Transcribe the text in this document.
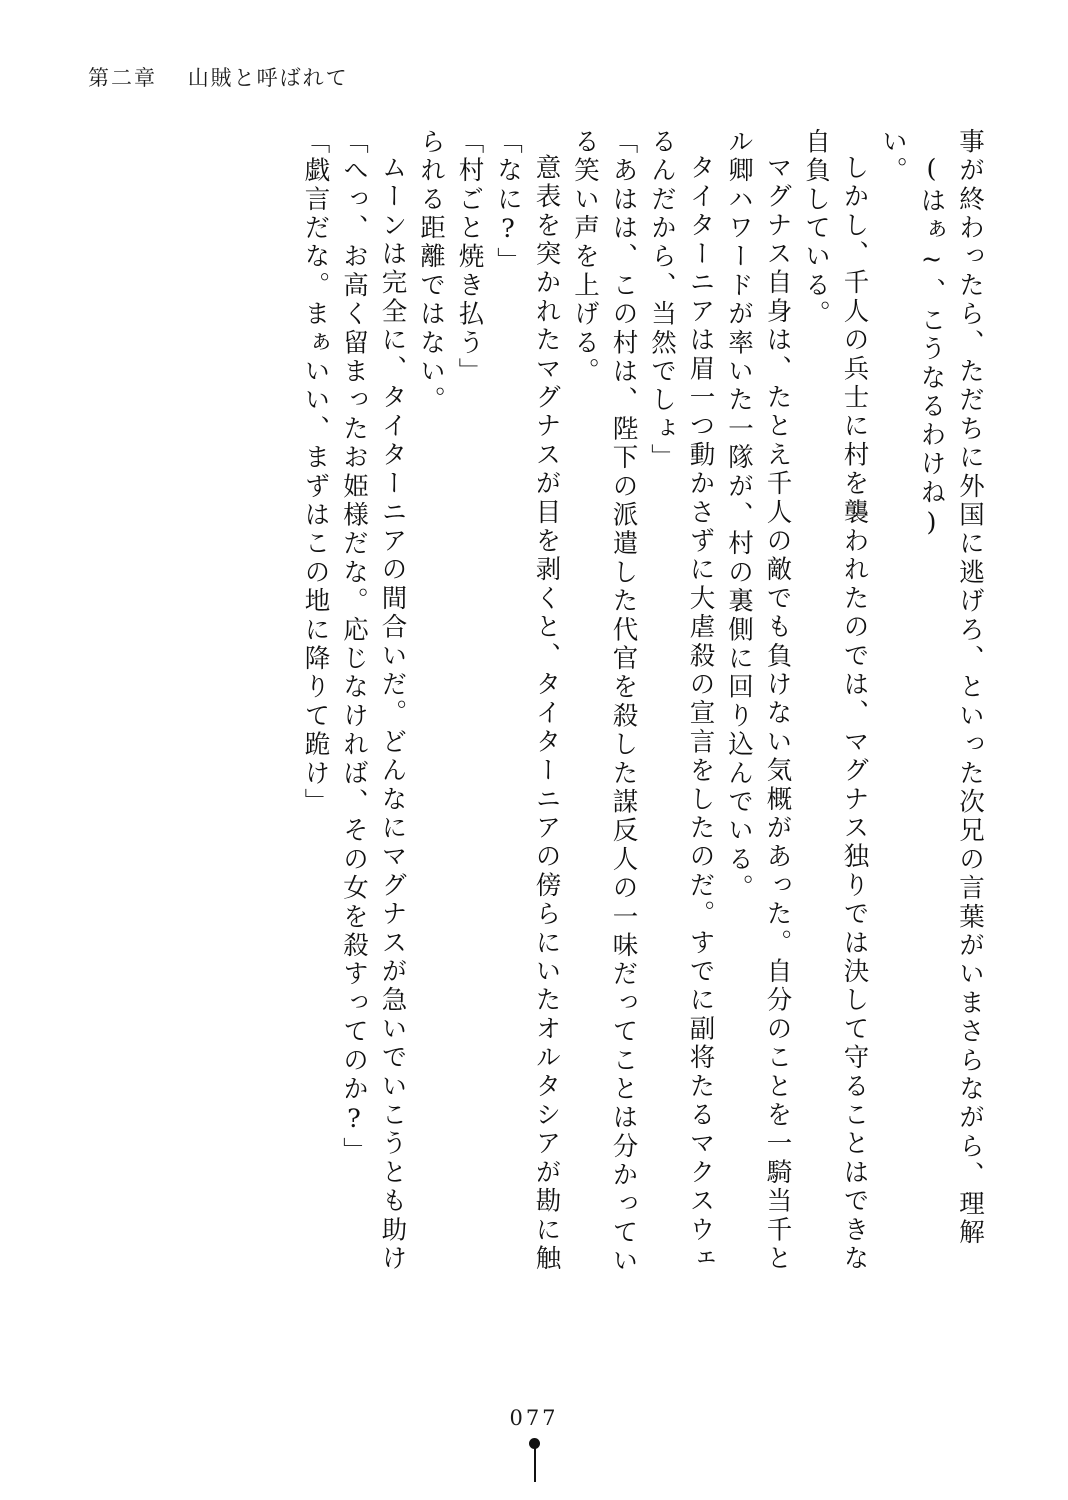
第二章 山賊と呼ばれて
「戯言だな。まぁいい、まずはこの地に降りて跪け」 「へっ、お高く留まったお姫様だな。応じなければ、その女を殺すってのか?」 ムーンは完全に、タイターニアの間合いだ。どんなにマグナスが急いでいこうとも助け られる距離ではない。 「村ごと焼き払う」 「なに?」 意表を突かれたマグナスが目を剥くと、タイターニアの傍らにいたオルタシアが勘に触 る笑い声を上げる。 「あはは、この村は、陛下の派遣した代官を殺した謀反人の一味だってことは分かってい るんだから、当然でしょ」 タイターニアは眉一つ動かさずに大虐殺の宣言をしたのだ。すでに副将たるマクスウェ ル卿ハワードが率いた一隊が、村の裏側に回り込んでいる。 マグナス自身は、たとえ千人の敵でも負けない気概があった。自分のことを一騎当千と 自負している。 しかし、千人の兵士に村を襲われたのでは、マグナス独りでは決して守ることはできな い。 (はぁ~、こうなるわけね) 事が終わったら、ただちに外国に逃げろ、といった次兄の言葉がいまさらながら、理解
077
